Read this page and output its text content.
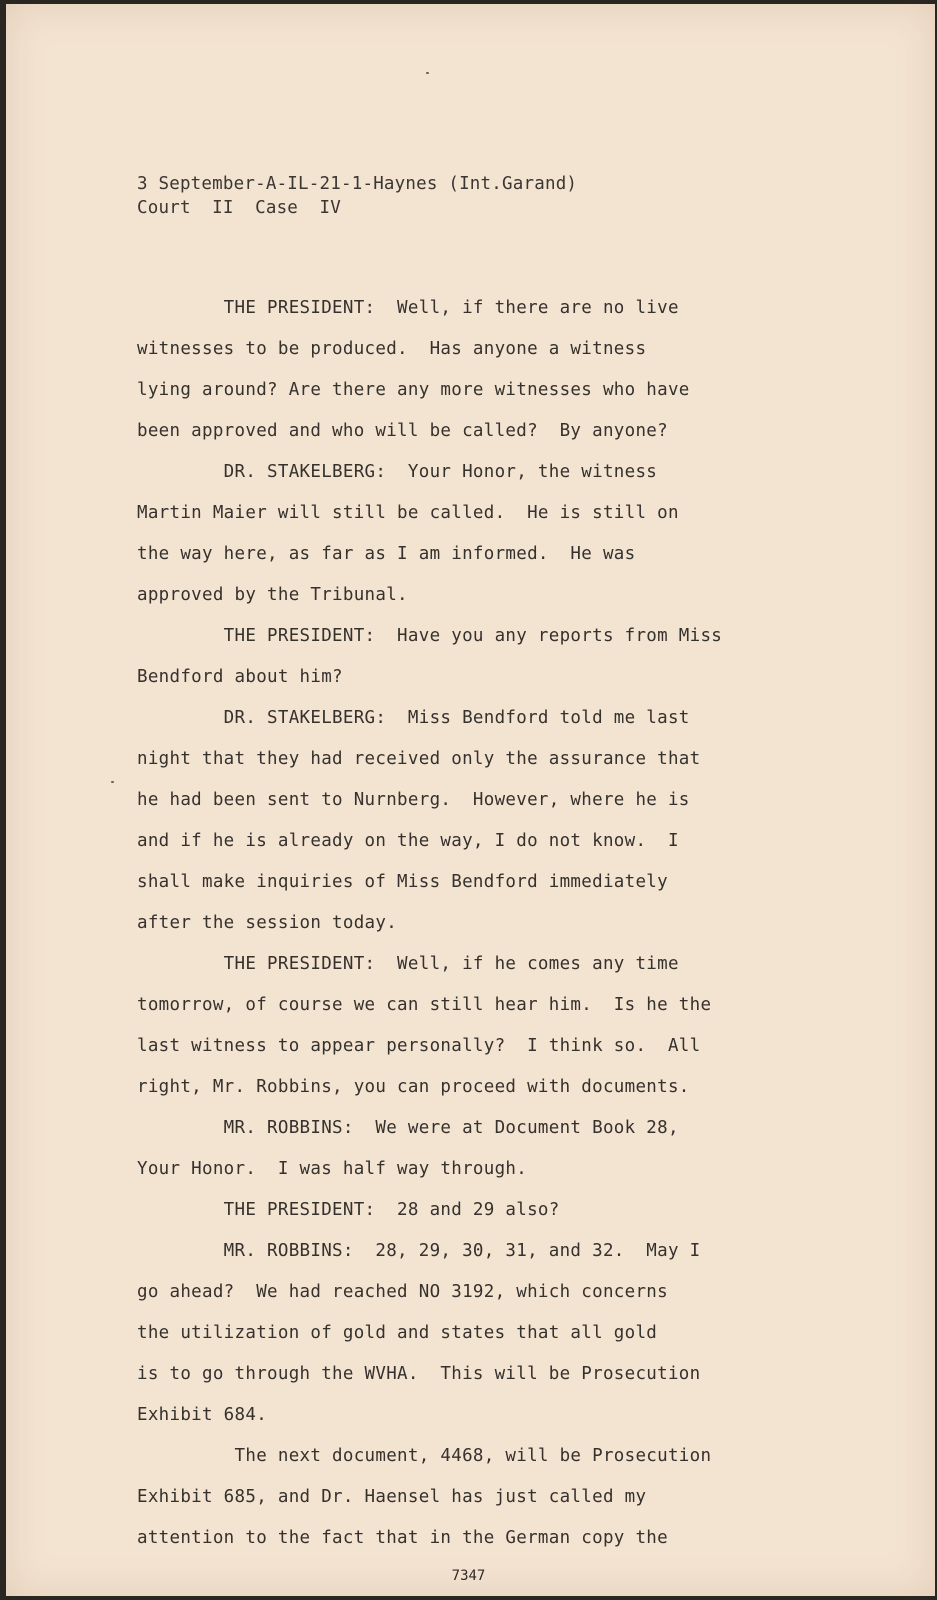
3 September-A-IL-21-1-Haynes (Int.Garand)
Court  II  Case  IV
THE PRESIDENT:  Well, if there are no live
witnesses to be produced.  Has anyone a witness
lying around? Are there any more witnesses who have
been approved and who will be called?  By anyone?
DR. STAKELBERG:  Your Honor, the witness
Martin Maier will still be called.  He is still on
the way here, as far as I am informed.  He was
approved by the Tribunal.
THE PRESIDENT:  Have you any reports from Miss
Bendford about him?
DR. STAKELBERG:  Miss Bendford told me last
night that they had received only the assurance that
he had been sent to Nurnberg.  However, where he is
and if he is already on the way, I do not know.  I
shall make inquiries of Miss Bendford immediately
after the session today.
THE PRESIDENT:  Well, if he comes any time
tomorrow, of course we can still hear him.  Is he the
last witness to appear personally?  I think so.  All
right, Mr. Robbins, you can proceed with documents.
MR. ROBBINS:  We were at Document Book 28,
Your Honor.  I was half way through.
THE PRESIDENT:  28 and 29 also?
MR. ROBBINS:  28, 29, 30, 31, and 32.  May I
go ahead?  We had reached NO 3192, which concerns
the utilization of gold and states that all gold
is to go through the WVHA.  This will be Prosecution
Exhibit 684.
The next document, 4468, will be Prosecution
Exhibit 685, and Dr. Haensel has just called my
attention to the fact that in the German copy the
7347
